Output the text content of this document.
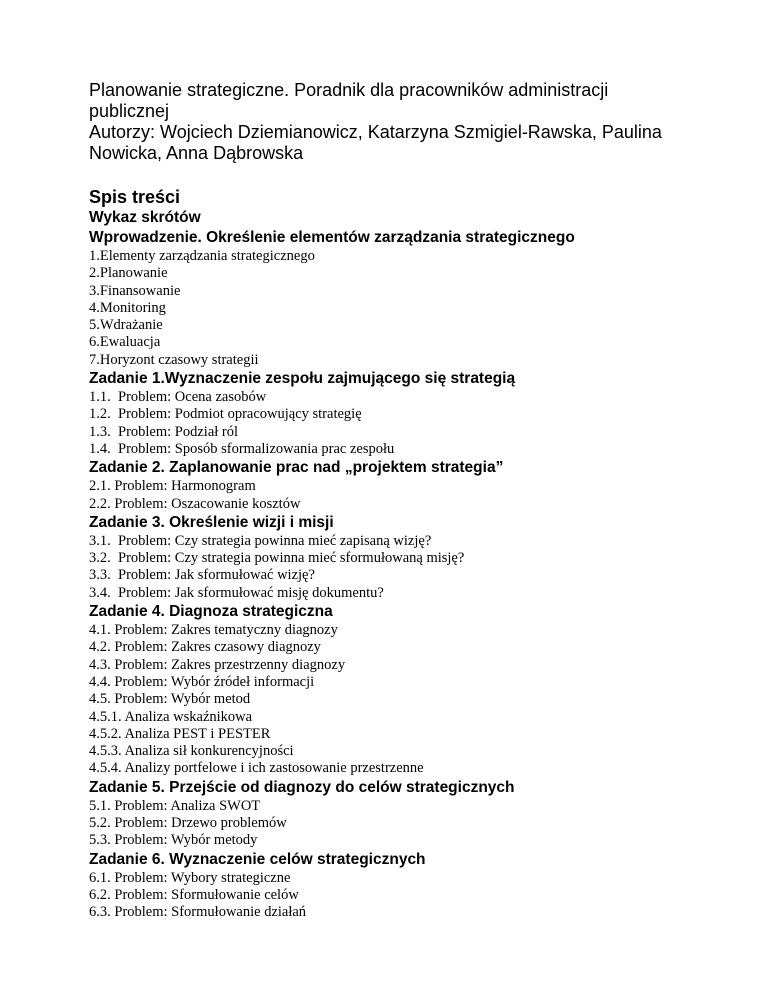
Planowanie strategiczne. Poradnik dla pracowników administracji

publicznej

Autorzy: Wojciech Dziemianowicz, Katarzyna Szmigiel-Rawska, Paulina

Nowicka, Anna Dąbrowska

Spis treści
Wykaz skrótów
Wprowadzenie. Określenie elementów zarządzania strategicznego
1.Elementy zarządzania strategicznego
2.Planowanie
3.Finansowanie
4.Monitoring
5.Wdrażanie
6.Ewaluacja
7.Horyzont czasowy strategii
Zadanie 1.Wyznaczenie zespołu zajmującego się strategią
1.1.  Problem: Ocena zasobów
1.2.  Problem: Podmiot opracowujący strategię
1.3.  Problem: Podział ról
1.4.  Problem: Sposób sformalizowania prac zespołu
Zadanie 2. Zaplanowanie prac nad „projektem strategia”
2.1. Problem: Harmonogram
2.2. Problem: Oszacowanie kosztów
Zadanie 3. Określenie wizji i misji
3.1.  Problem: Czy strategia powinna mieć zapisaną wizję?
3.2.  Problem: Czy strategia powinna mieć sformułowaną misję?
3.3.  Problem: Jak sformułować wizję?
3.4.  Problem: Jak sformułować misję dokumentu?
Zadanie 4. Diagnoza strategiczna
4.1. Problem: Zakres tematyczny diagnozy
4.2. Problem: Zakres czasowy diagnozy
4.3. Problem: Zakres przestrzenny diagnozy
4.4. Problem: Wybór źródeł informacji
4.5. Problem: Wybór metod
4.5.1. Analiza wskaźnikowa
4.5.2. Analiza PEST i PESTER
4.5.3. Analiza sił konkurencyjności
4.5.4. Analizy portfelowe i ich zastosowanie przestrzenne
Zadanie 5. Przejście od diagnozy do celów strategicznych
5.1. Problem: Analiza SWOT
5.2. Problem: Drzewo problemów
5.3. Problem: Wybór metody
Zadanie 6. Wyznaczenie celów strategicznych
6.1. Problem: Wybory strategiczne
6.2. Problem: Sformułowanie celów
6.3. Problem: Sformułowanie działań
